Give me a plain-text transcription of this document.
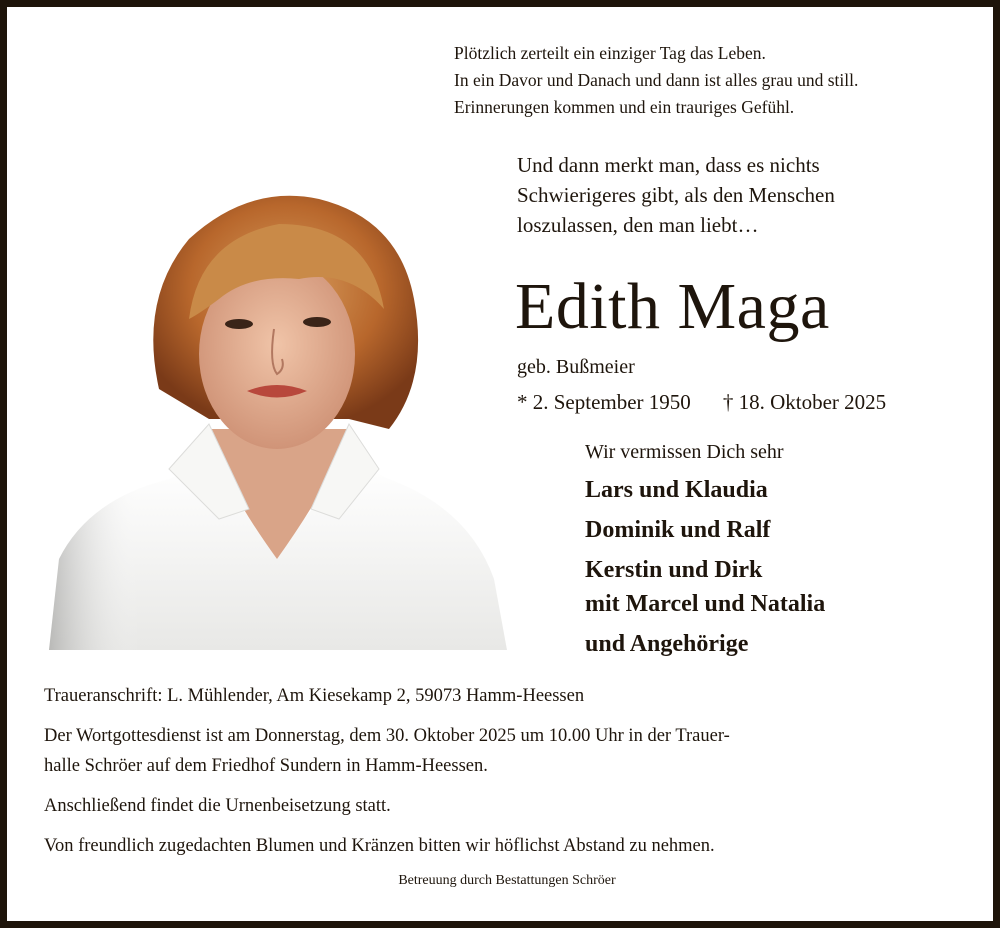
Plötzlich zerteilt ein einziger Tag das Leben.
In ein Davor und Danach und dann ist alles grau und still.
Erinnerungen kommen und ein trauriges Gefühl.
Und dann merkt man, dass es nichts
Schwierigeres gibt, als den Menschen
loszulassen, den man liebt…
Edith Maga
geb. Bußmeier
* 2. September 1950 † 18. Oktober 2025
Wir vermissen Dich sehr
Lars und Klaudia
Dominik und Ralf
Kerstin und Dirk
mit Marcel und Natalia
und Angehörige

Traueranschrift: L. Mühlender, Am Kiesekamp 2, 59073 Hamm-Heessen

Der Wortgottesdienst ist am Donnerstag, dem 30. Oktober 2025 um 10.00 Uhr in der Trauer-
halle Schröer auf dem Friedhof Sundern in Hamm-Heessen.

Anschließend findet die Urnenbeisetzung statt.

Von freundlich zugedachten Blumen und Kränzen bitten wir höflichst Abstand zu nehmen.

Betreuung durch Bestattungen Schröer
